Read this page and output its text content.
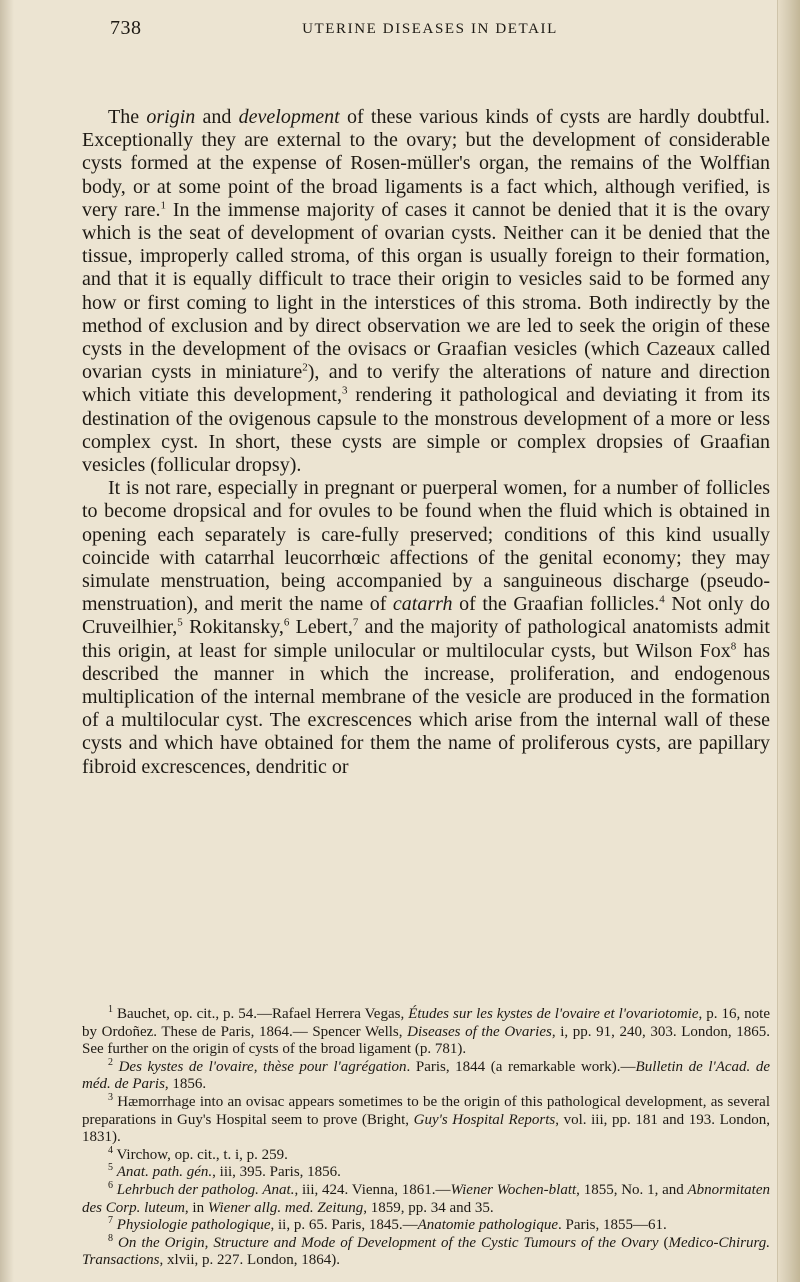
738	UTERINE DISEASES IN DETAIL

The origin and development of these various kinds of cysts are hardly doubtful. Exceptionally they are external to the ovary; but the development of considerable cysts formed at the expense of Rosen-müller's organ, the remains of the Wolffian body, or at some point of the broad ligaments is a fact which, although verified, is very rare.$^1$ In the immense majority of cases it cannot be denied that it is the ovary which is the seat of development of ovarian cysts. Neither can it be denied that the tissue, improperly called stroma, of this organ is usually foreign to their formation, and that it is equally difficult to trace their origin to vesicles said to be formed any how or first coming to light in the interstices of this stroma. Both indirectly by the method of exclusion and by direct observation we are led to seek the origin of these cysts in the development of the ovisacs or Graafian vesicles (which Cazeaux called ovarian cysts in miniature$^2$), and to verify the alterations of nature and direction which vitiate this development,$^3$ rendering it pathological and deviating it from its destination of the ovigenous capsule to the monstrous development of a more or less complex cyst. In short, these cysts are simple or complex dropsies of Graafian vesicles (follicular dropsy).

It is not rare, especially in pregnant or puerperal women, for a number of follicles to become dropsical and for ovules to be found when the fluid which is obtained in opening each separately is care-fully preserved; conditions of this kind usually coincide with catarrhal leucorrhœic affections of the genital economy; they may simulate menstruation, being accompanied by a sanguineous discharge (pseudo-menstruation), and merit the name of catarrh of the Graafian follicles.$^4$ Not only do Cruveilhier,$^5$ Rokitansky,$^6$ Lebert,$^7$ and the majority of pathological anatomists admit this origin, at least for simple unilocular or multilocular cysts, but Wilson Fox$^8$ has described the manner in which the increase, proliferation, and endogenous multiplication of the internal membrane of the vesicle are produced in the formation of a multilocular cyst. The excrescences which arise from the internal wall of these cysts and which have obtained for them the name of proliferous cysts, are papillary fibroid excrescences, dendritic or

$^1$ Bauchet, op. cit., p. 54.—Rafael Herrera Vegas, Études sur les kystes de l'ovaire et l'ovariotomie, p. 16, note by Ordoñez. These de Paris, 1864.— Spencer Wells, Diseases of the Ovaries, i, pp. 91, 240, 303. London, 1865. See further on the origin of cysts of the broad ligament (p. 781).

$^2$ Des kystes de l'ovaire, thèse pour l'agrégation. Paris, 1844 (a remarkable work).—Bulletin de l'Acad. de méd. de Paris, 1856.

$^3$ Hæmorrhage into an ovisac appears sometimes to be the origin of this pathological development, as several preparations in Guy's Hospital seem to prove (Bright, Guy's Hospital Reports, vol. iii, pp. 181 and 193. London, 1831).

$^4$ Virchow, op. cit., t. i, p. 259.

$^5$ Anat. path. gén., iii, 395. Paris, 1856.

$^6$ Lehrbuch der patholog. Anat., iii, 424. Vienna, 1861.—Wiener Wochen-blatt, 1855, No. 1, and Abnormitaten des Corp. luteum, in Wiener allg. med. Zeitung, 1859, pp. 34 and 35.

$^7$ Physiologie pathologique, ii, p. 65. Paris, 1845.—Anatomie pathologique. Paris, 1855—61.

$^8$ On the Origin, Structure and Mode of Development of the Cystic Tumours of the Ovary (Medico-Chirurg. Transactions, xlvii, p. 227. London, 1864).
